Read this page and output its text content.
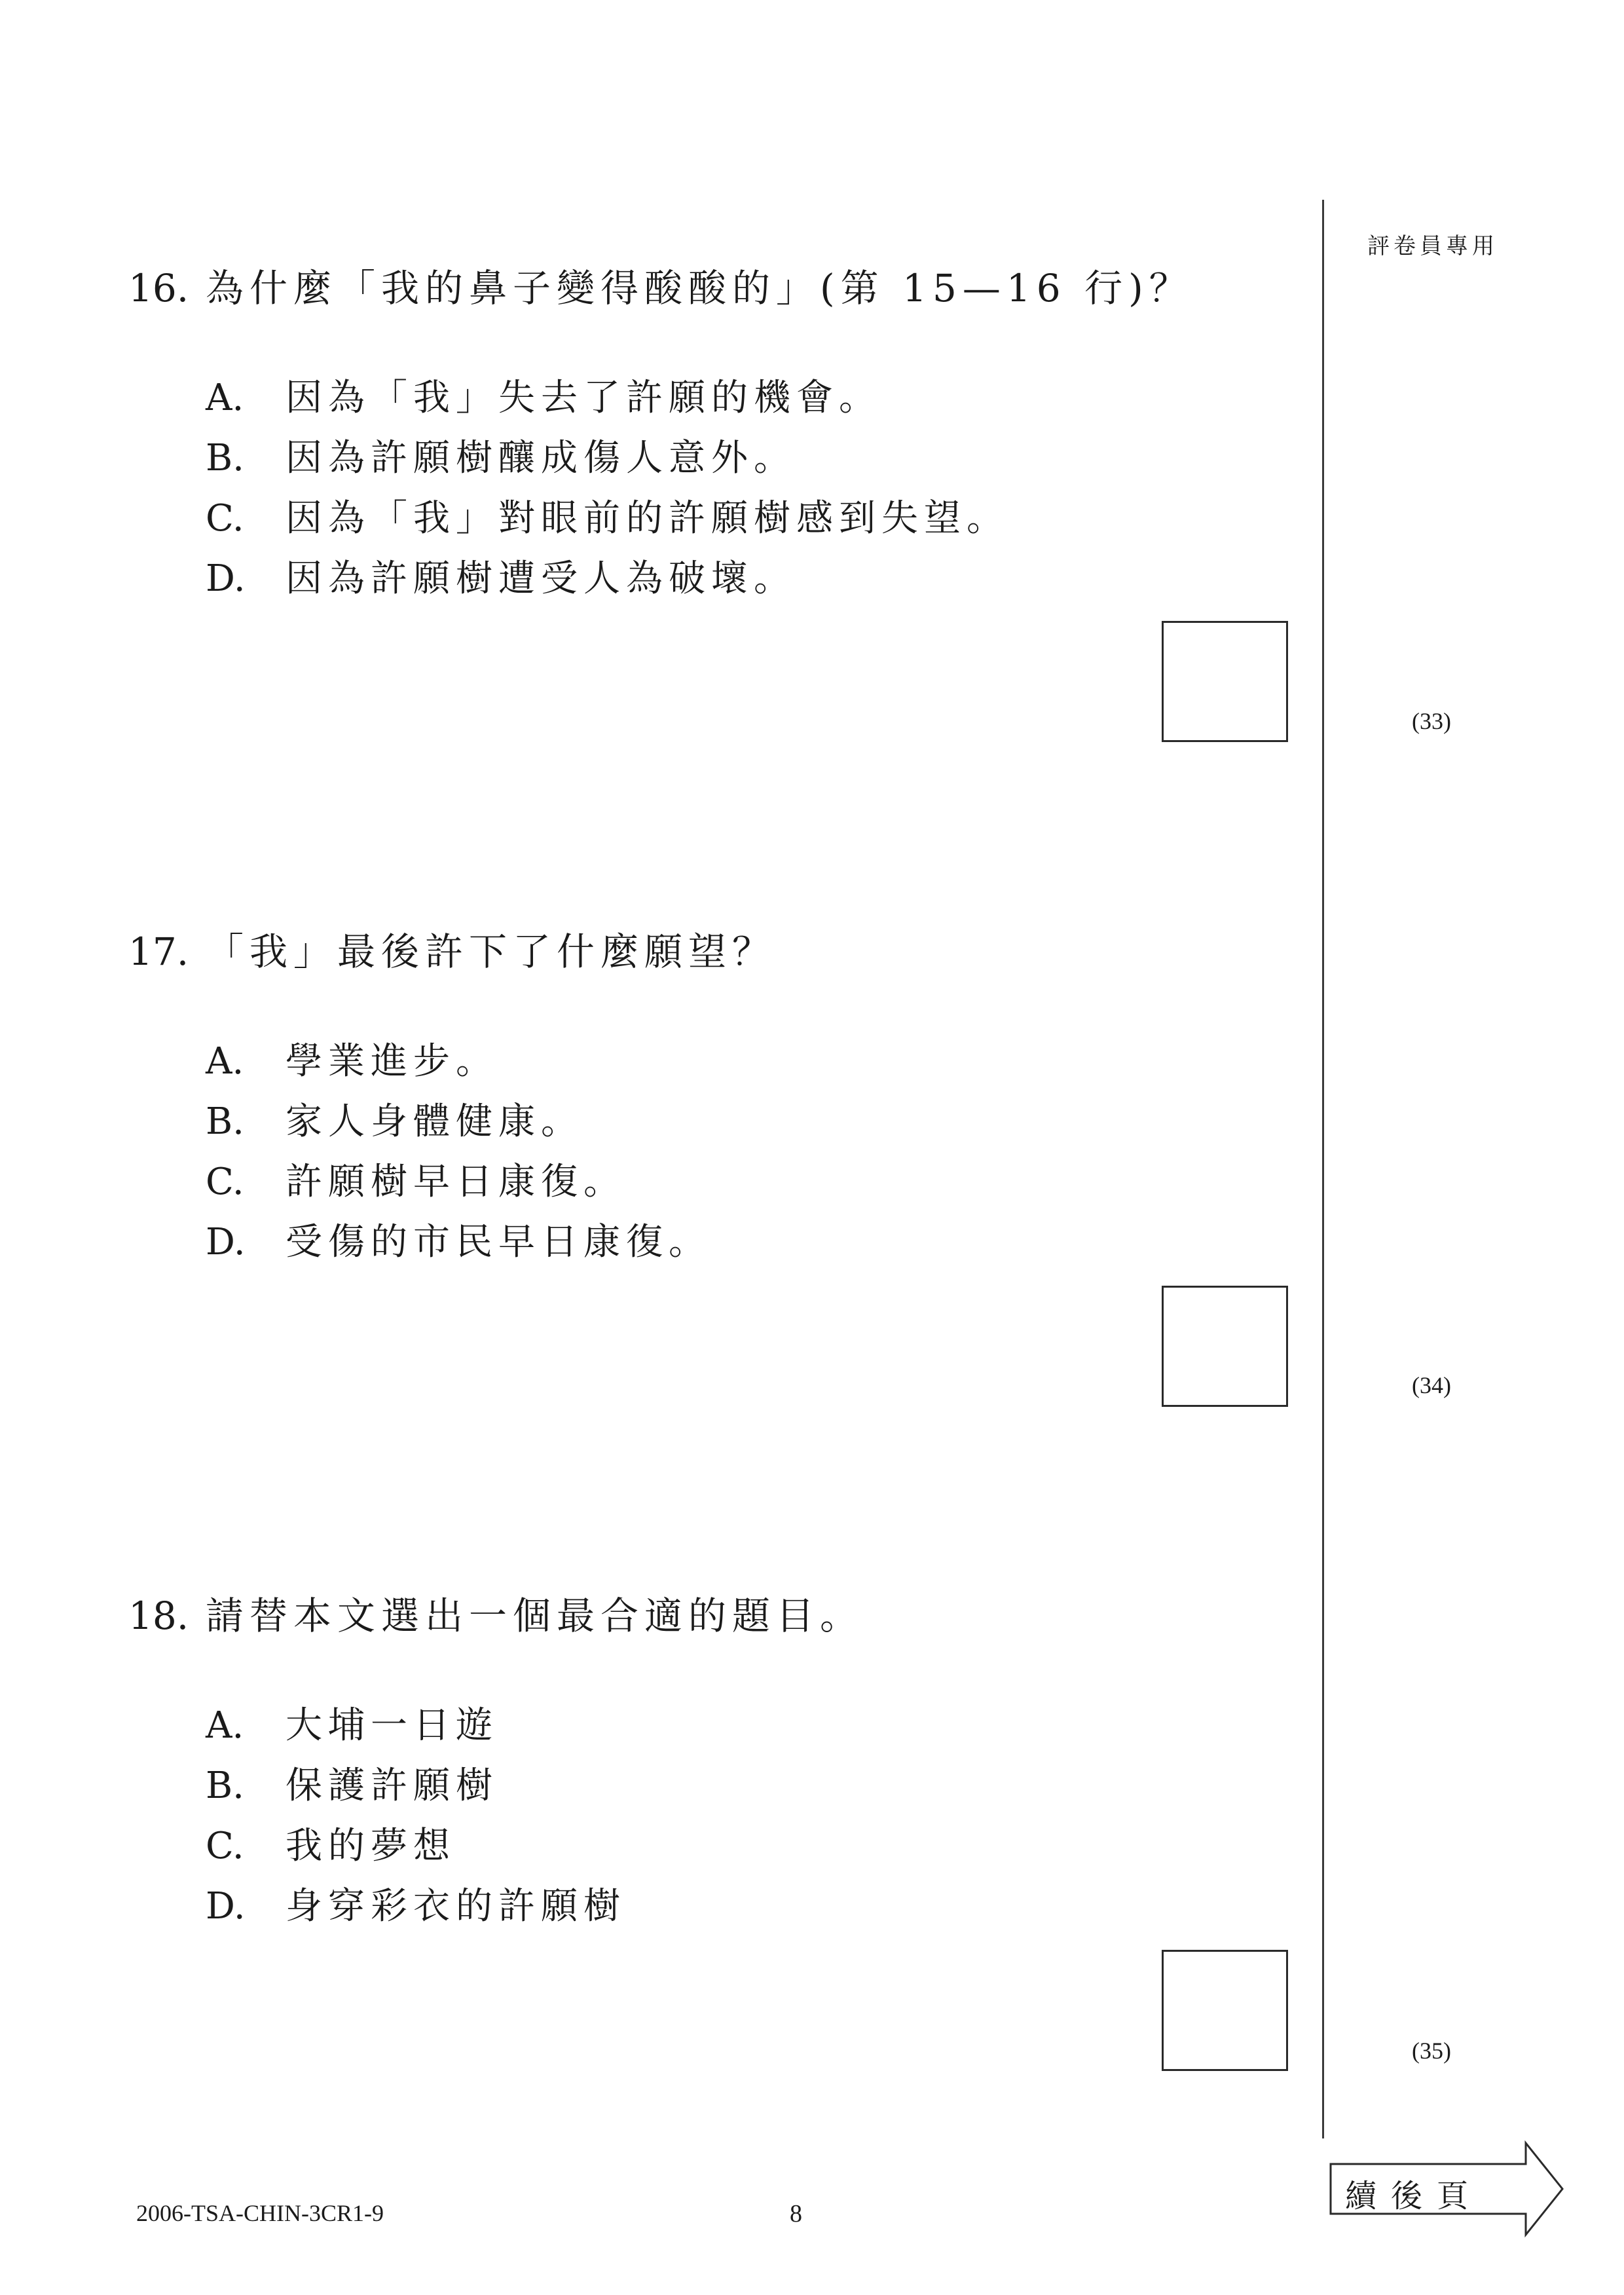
評卷員專用
16. 為什麼「我的鼻子變得酸酸的」(第 15—16 行)？
A. 因為「我」失去了許願的機會。
B. 因為許願樹釀成傷人意外。
C. 因為「我」對眼前的許願樹感到失望。
D. 因為許願樹遭受人為破壞。
(33)
17. 「我」最後許下了什麼願望？
A. 學業進步。
B. 家人身體健康。
C. 許願樹早日康復。
D. 受傷的市民早日康復。
(34)
18. 請替本文選出一個最合適的題目。
A. 大埔一日遊
B. 保護許願樹
C. 我的夢想
D. 身穿彩衣的許願樹
(35)
2006-TSA-CHIN-3CR1-9	8	續後頁
